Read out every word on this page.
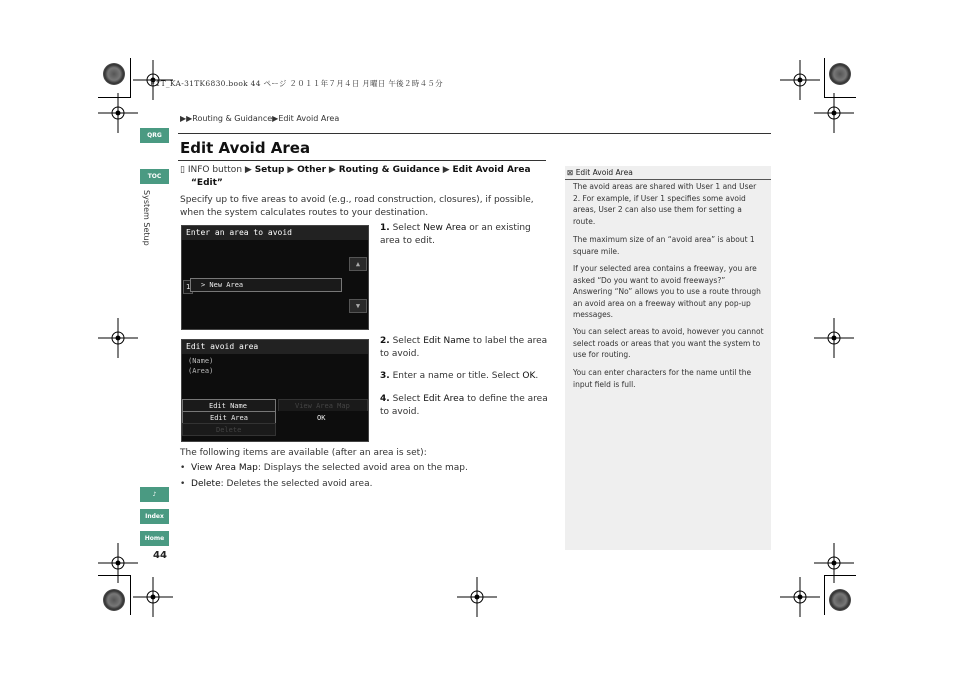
F1T_KA-31TK6830.book 44 ページ ２０１１年７月４日 月曜日 午後２時４５分
QRG
TOC
System Setup
▶▶Routing & Guidance▶Edit Avoid Area
Edit Avoid Area
▯ INFO button ▶ Setup ▶ Other ▶ Routing & Guidance ▶ Edit Avoid Area
“Edit”
Specify up to five areas to avoid (e.g., road construction, closures), if possible, when the system calculates routes to your destination.
Enter an area to avoid
1	> New Area
▲
▼
Edit avoid area
(Name)
(Area)
Edit Name	View Area Map
Edit Area	OK
Delete
1. Select New Area or an existing area to edit.
2. Select Edit Name to label the area to avoid.
3. Enter a name or title. Select OK.
4. Select Edit Area to define the area to avoid.
The following items are available (after an area is set):
• View Area Map: Displays the selected avoid area on the map.
• Delete: Deletes the selected avoid area.
⊠ Edit Avoid Area

The avoid areas are shared with User 1 and User 2. For example, if User 1 specifies some avoid areas, User 2 can also use them for setting a route.

The maximum size of an “avoid area” is about 1 square mile.

If your selected area contains a freeway, you are asked “Do you want to avoid freeways?” Answering “No” allows you to use a route through an avoid area on a freeway without any pop-up messages.

You can select areas to avoid, however you cannot select roads or areas that you want the system to use for routing.

You can enter characters for the name until the input field is full.

♪
Index
Home
44
